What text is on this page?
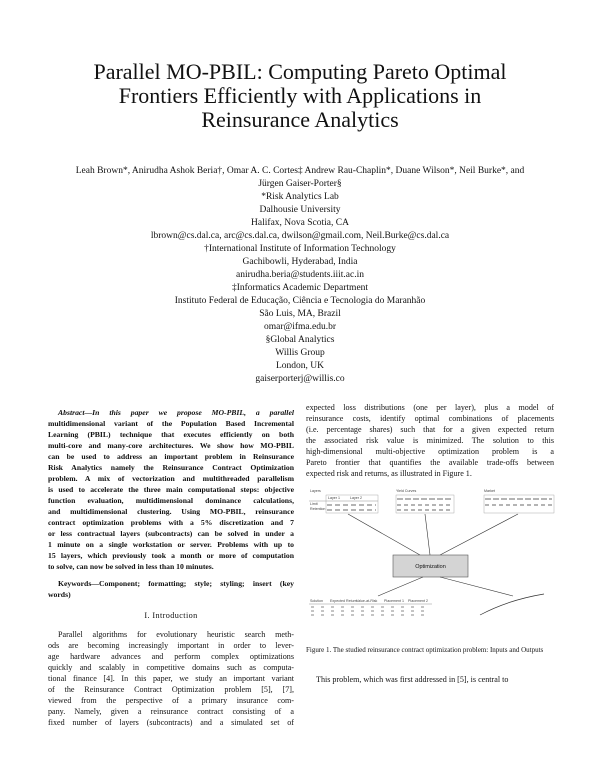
Parallel MO-PBIL: Computing Pareto Optimal
Frontiers Efficiently with Applications in
Reinsurance Analytics
Leah Brown*, Anirudha Ashok Beria†, Omar A. C. Cortes‡ Andrew Rau-Chaplin*, Duane Wilson*, Neil Burke*, and
Jürgen Gaiser-Porter§
*Risk Analytics Lab
Dalhousie University
Halifax, Nova Scotia, CA
lbrown@cs.dal.ca, arc@cs.dal.ca, dwilson@gmail.com, Neil.Burke@cs.dal.ca
†International Institute of Information Technology
Gachibowli, Hyderabad, India
anirudha.beria@students.iiit.ac.in
‡Informatics Academic Department
Instituto Federal de Educação, Ciência e Tecnologia do Maranhão
São Luis, MA, Brazil
omar@ifma.edu.br
§Global Analytics
Willis Group
London, UK
gaiserporterj@willis.co
Abstract—In this paper we propose MO-PBIL, a parallel
multidimensional variant of the Population Based Incremental
Learning (PBIL) technique that executes efficiently on both
multi-core and many-core architectures. We show how MO-PBIL
can be used to address an important problem in Reinsurance
Risk Analytics namely the Reinsurance Contract Optimization
problem. A mix of vectorization and multithreaded parallelism
is used to accelerate the three main computational steps: objective
function evaluation, multidimensional dominance calculations,
and multidimensional clustering. Using MO-PBIL, reinsurance
contract optimization problems with a 5% discretization and 7
or less contractual layers (subcontracts) can be solved in under a
1 minute on a single workstation or server. Problems with up to
15 layers, which previously took a month or more of computation
to solve, can now be solved in less than 10 minutes.
Keywords—Component; formatting; style; styling; insert (key
words)
I. Introduction
Parallel algorithms for evolutionary heuristic search meth-
ods are becoming increasingly important in order to lever-
age hardware advances and perform complex optimizations
quickly and scalably in competitive domains such as computa-
tional finance [4]. In this paper, we study an important variant
of the Reinsurance Contract Optimization problem [5], [7],
viewed from the perspective of a primary insurance com-
pany. Namely, given a reinsurance contract consisting of a
fixed number of layers (subcontracts) and a simulated set of
expected loss distributions (one per layer), plus a model of
reinsurance costs, identify optimal combinations of placements
(i.e. percentage shares) such that for a given expected return
the associated risk value is minimized. The solution to this
high-dimensional multi-objective optimization problem is a
Pareto frontier that quantifies the available trade-offs between
expected risk and returns, as illustrated in Figure 1.
Layers
Layer 1	Layer 2
Limit
Retention
Yield Curves	Market
Optimization
Solution Expected Return Value-at-Risk Placement 1 Placement 2
Figure 1. The studied reinsurance contract optimization problem: Inputs and Outputs
This problem, which was first addressed in [5], is central to
